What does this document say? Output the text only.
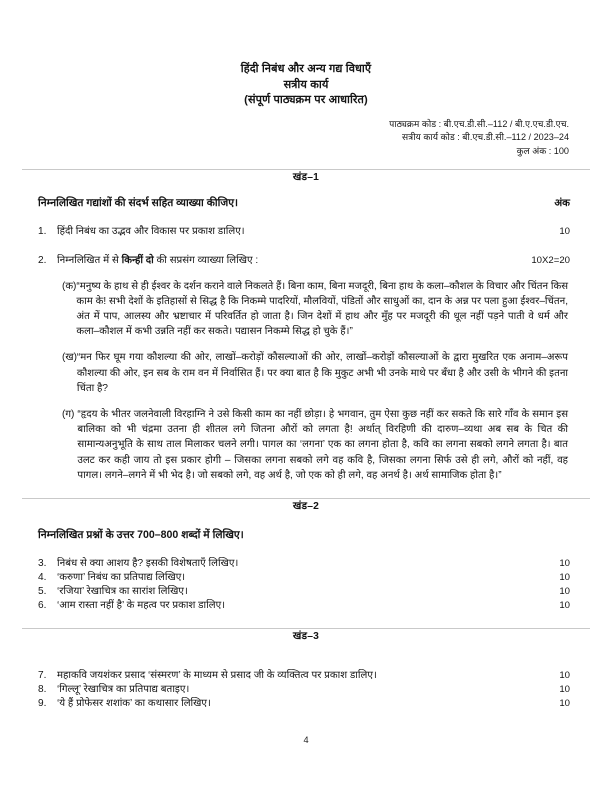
हिंदी निबंध और अन्य गद्य विधाएँ
सत्रीय कार्य
(संपूर्ण पाठ्यक्रम पर आधारित)
पाठ्यक्रम कोड : बी.एच.डी.सी.–112 / बी.ए.एच.डी.एच.
सत्रीय कार्य कोड : बी.एच.डी.सी.–112 / 2023–24
कुल अंक : 100
खंड–1
निम्नलिखित गद्यांशों की संदर्भ सहित व्याख्या कीजिए।	अंक
1.	हिंदी निबंध का उद्भव और विकास पर प्रकाश डालिए।	10
2.	निम्नलिखित में से किन्हीं दो की सप्रसंग व्याख्या लिखिए :	10X2=20
(क) “मनुष्य के हाथ से ही ईश्वर के दर्शन कराने वाले निकलते हैं। बिना काम, बिना मजदूरी, बिना हाथ के कला–कौशल के विचार और चिंतन किस काम के! सभी देशों के इतिहासों से सिद्ध है कि निकम्मे पादरियों, मौलवियों, पंडितों और साधुओं का, दान के अन्न पर पला हुआ ईश्वर–चिंतन, अंत में पाप, आलस्य और भ्रष्टाचार में परिवर्तित हो जाता है। जिन देशों में हाथ और मुँह पर मजदूरी की धूल नहीं पड़ने पाती वे धर्म और कला–कौशल में कभी उन्नति नहीं कर सकते। पद्यासन निकम्मे सिद्ध हो चुके हैं।”
(ख) “मन फिर घूम गया कौशल्या की ओर, लाखों–करोड़ों कौसल्याओं की ओर, लाखों–करोड़ों कौसल्याओं के द्वारा मुखरित एक अनाम–अरूप कौशल्या की ओर, इन सब के राम वन में निर्वासित हैं। पर क्या बात है कि मुकुट अभी भी उनके माथे पर बँधा है और उसी के भीगने की इतना चिंता है?
(ग) “हृदय के भीतर जलनेवाली विरहाग्नि ने उसे किसी काम का नहीं छोड़ा। हे भगवान, तुम ऐसा कुछ नहीं कर सकते कि सारे गाँव के समान इस बालिका को भी चंद्रमा उतना ही शीतल लगे जितना औरों को लगता है! अर्थात् विरहिणी की दारुण–व्यथा अब सब के चित की सामान्यअनुभूति के साथ ताल मिलाकर चलने लगी। पागल का ‘लगना’ एक का लगना होता है, कवि का लगना सबको लगने लगता है। बात उलट कर कही जाय तो इस प्रकार होगी – जिसका लगना सबको लगे वह कवि है, जिसका लगना सिर्फ उसे ही लगे, औरों को नहीं, वह पागल। लगने–लगने में भी भेद है। जो सबको लगे, वह अर्थ है, जो एक को ही लगे, वह अनर्थ है। अर्थ सामाजिक होता है।”
खंड–2
निम्नलिखित प्रश्नों के उत्तर 700–800 शब्दों में लिखिए।
3.	निबंध से क्या आशय है? इसकी विशेषताएँ लिखिए।	10
4.	‘करुणा’ निबंध का प्रतिपाद्य लिखिए।	10
5.	‘रजिया’ रेखाचित्र का सारांश लिखिए।	10
6.	‘आम रास्ता नहीं है’ के महत्व पर प्रकाश डालिए।	10
खंड–3
7.	महाकवि जयशंकर प्रसाद ‘संस्मरण’ के माध्यम से प्रसाद जी के व्यक्तित्व पर प्रकाश डालिए।	10
8.	‘गिल्लू’ रेखाचित्र का प्रतिपाद्य बताइए।	10
9.	‘ये हैं प्रोफेसर शशांक’ का कथासार लिखिए।	10
4
